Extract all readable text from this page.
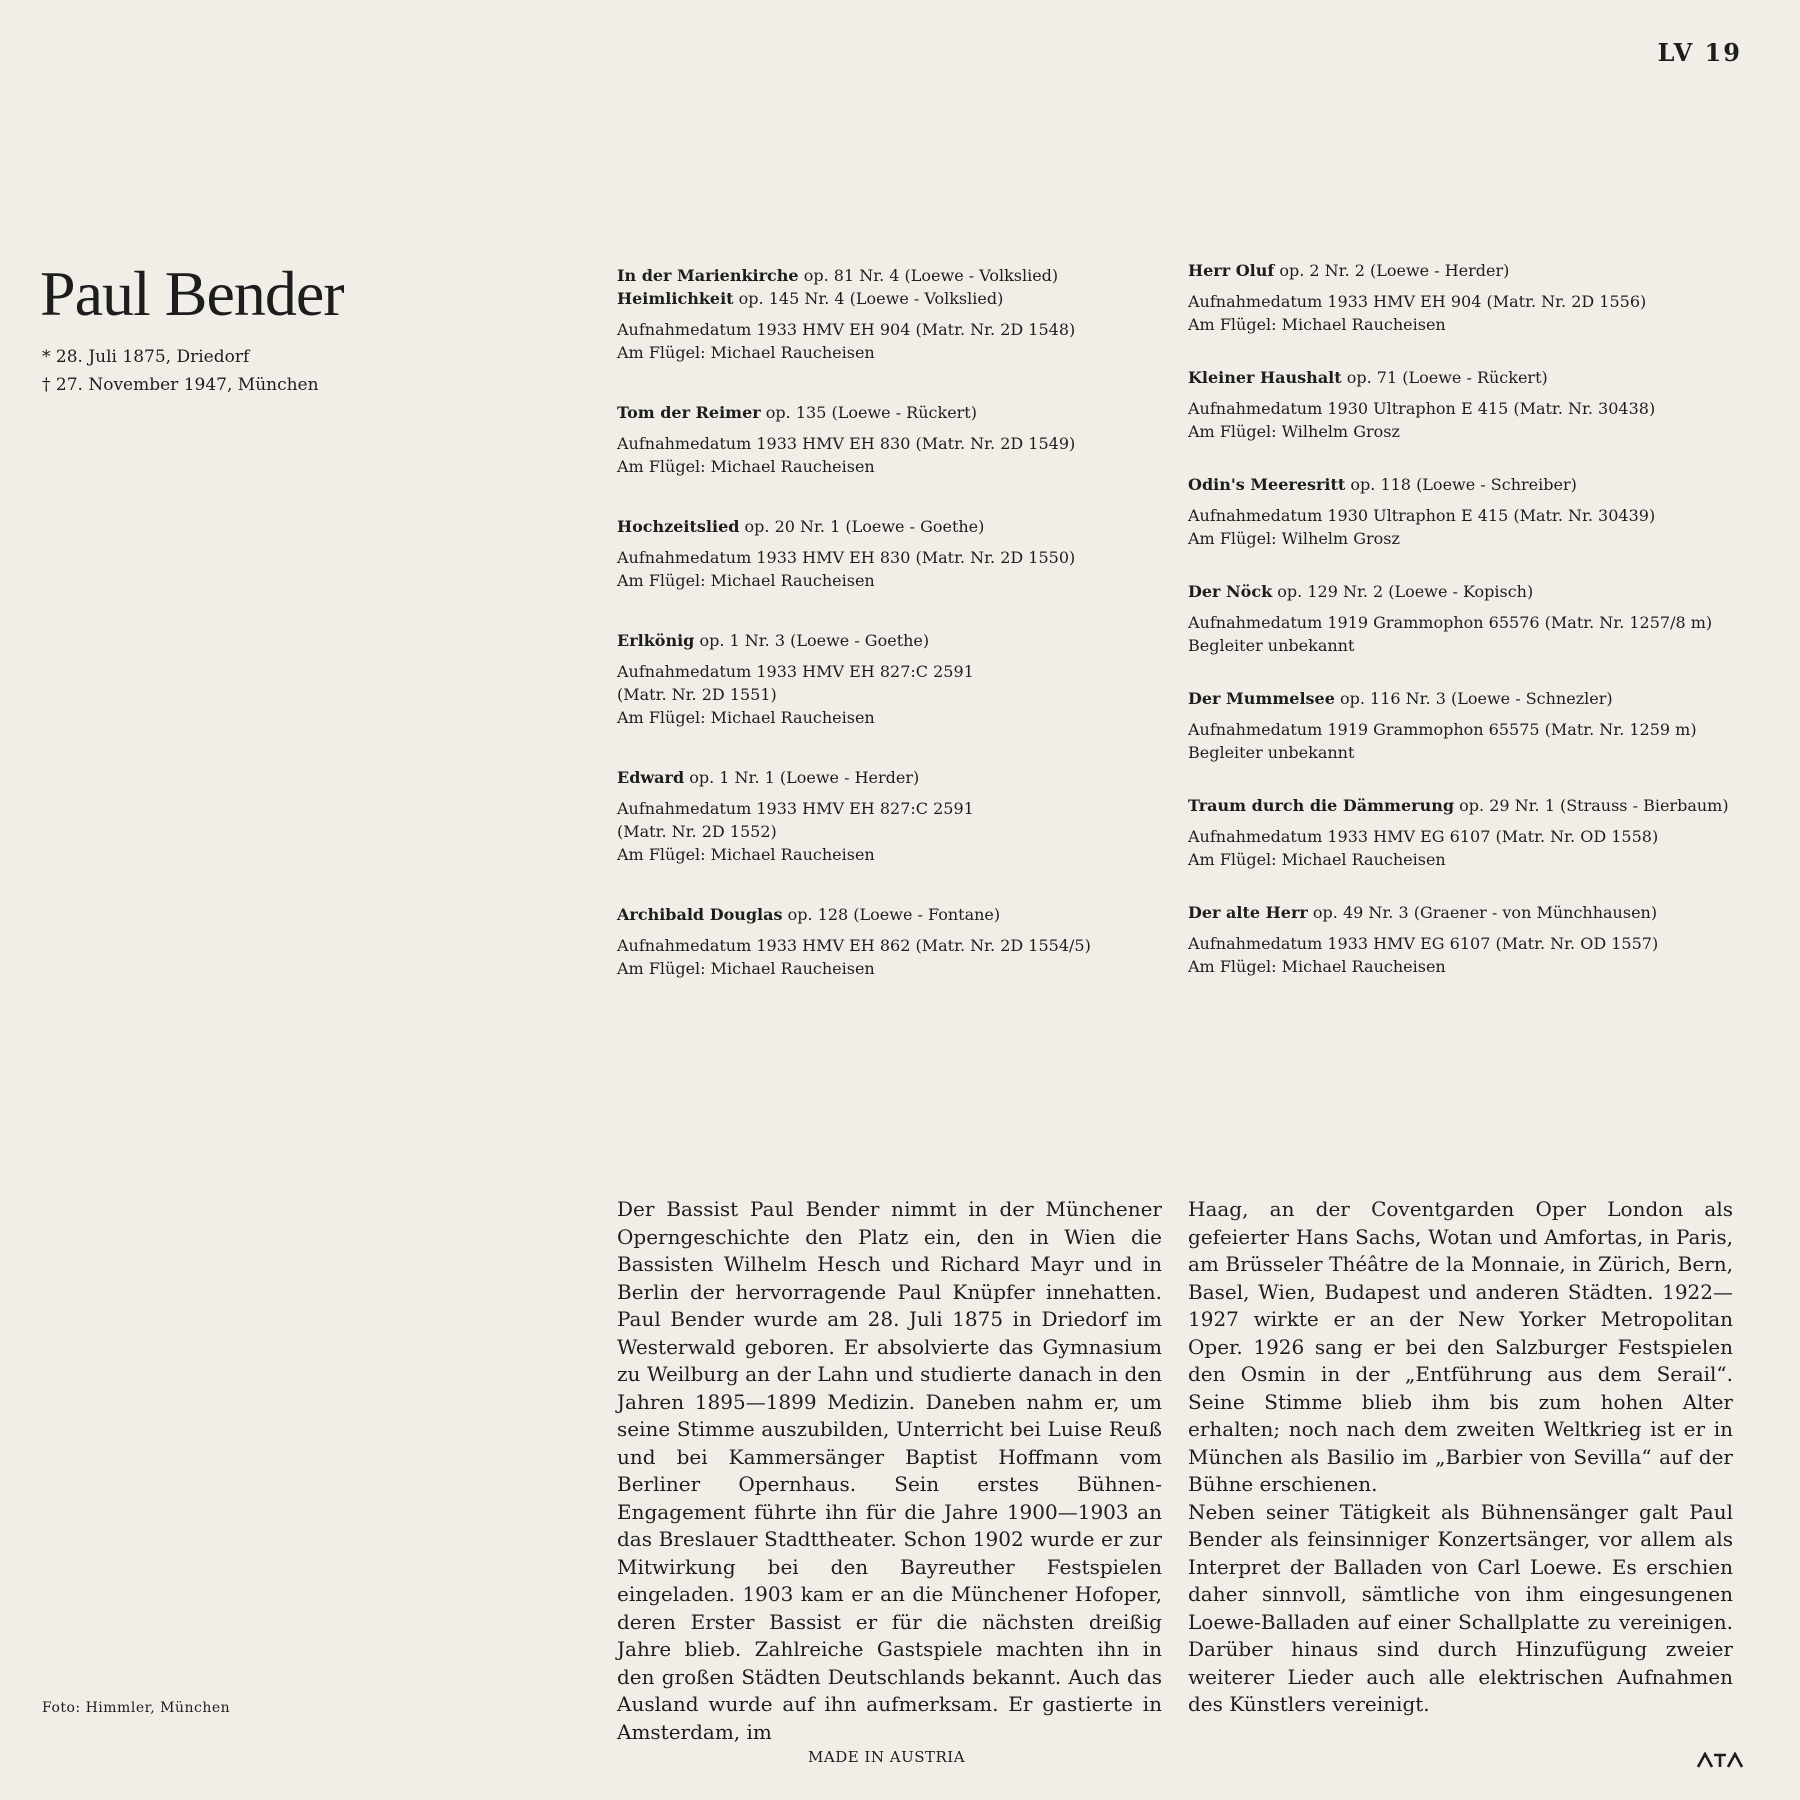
LV 19
Paul Bender
* 28. Juli 1875, Driedorf
† 27. November 1947, München
In der Marienkirche op. 81 Nr. 4 (Loewe - Volkslied)
Heimlichkeit op. 145 Nr. 4 (Loewe - Volkslied)
Aufnahmedatum 1933 HMV EH 904 (Matr. Nr. 2D 1548)
Am Flügel: Michael Raucheisen
Tom der Reimer op. 135 (Loewe - Rückert)
Aufnahmedatum 1933 HMV EH 830 (Matr. Nr. 2D 1549)
Am Flügel: Michael Raucheisen
Hochzeitslied op. 20 Nr. 1 (Loewe - Goethe)
Aufnahmedatum 1933 HMV EH 830 (Matr. Nr. 2D 1550)
Am Flügel: Michael Raucheisen
Erlkönig op. 1 Nr. 3 (Loewe - Goethe)
Aufnahmedatum 1933 HMV EH 827:C 2591
(Matr. Nr. 2D 1551)
Am Flügel: Michael Raucheisen
Edward op. 1 Nr. 1 (Loewe - Herder)
Aufnahmedatum 1933 HMV EH 827:C 2591
(Matr. Nr. 2D 1552)
Am Flügel: Michael Raucheisen
Archibald Douglas op. 128 (Loewe - Fontane)
Aufnahmedatum 1933 HMV EH 862 (Matr. Nr. 2D 1554/5)
Am Flügel: Michael Raucheisen
Herr Oluf op. 2 Nr. 2 (Loewe - Herder)
Aufnahmedatum 1933 HMV EH 904 (Matr. Nr. 2D 1556)
Am Flügel: Michael Raucheisen
Kleiner Haushalt op. 71 (Loewe - Rückert)
Aufnahmedatum 1930 Ultraphon E 415 (Matr. Nr. 30438)
Am Flügel: Wilhelm Grosz
Odin's Meeresritt op. 118 (Loewe - Schreiber)
Aufnahmedatum 1930 Ultraphon E 415 (Matr. Nr. 30439)
Am Flügel: Wilhelm Grosz
Der Nöck op. 129 Nr. 2 (Loewe - Kopisch)
Aufnahmedatum 1919 Grammophon 65576 (Matr. Nr. 1257/8 m)
Begleiter unbekannt
Der Mummelsee op. 116 Nr. 3 (Loewe - Schnezler)
Aufnahmedatum 1919 Grammophon 65575 (Matr. Nr. 1259 m)
Begleiter unbekannt
Traum durch die Dämmerung op. 29 Nr. 1 (Strauss - Bierbaum)
Aufnahmedatum 1933 HMV EG 6107 (Matr. Nr. OD 1558)
Am Flügel: Michael Raucheisen
Der alte Herr op. 49 Nr. 3 (Graener - von Münchhausen)
Aufnahmedatum 1933 HMV EG 6107 (Matr. Nr. OD 1557)
Am Flügel: Michael Raucheisen

Der Bassist Paul Bender nimmt in der Münchener Operngeschichte den Platz ein, den in Wien die Bassisten Wilhelm Hesch und Richard Mayr und in Berlin der hervorragende Paul Knüpfer innehatten. Paul Bender wurde am 28. Juli 1875 in Driedorf im Westerwald geboren. Er absolvierte das Gymnasium zu Weilburg an der Lahn und studierte danach in den Jahren 1895—1899 Medizin. Daneben nahm er, um seine Stimme auszubilden, Unterricht bei Luise Reuß und bei Kammersänger Baptist Hoffmann vom Berliner Opernhaus. Sein erstes Bühnen-Engagement führte ihn für die Jahre 1900—1903 an das Breslauer Stadttheater. Schon 1902 wurde er zur Mitwirkung bei den Bayreuther Festspielen eingeladen. 1903 kam er an die Münchener Hofoper, deren Erster Bassist er für die nächsten dreißig Jahre blieb. Zahlreiche Gastspiele machten ihn in den großen Städten Deutschlands bekannt. Auch das Ausland wurde auf ihn aufmerksam. Er gastierte in Amsterdam, im

Haag, an der Coventgarden Oper London als gefeierter Hans Sachs, Wotan und Amfortas, in Paris, am Brüsseler Théâtre de la Monnaie, in Zürich, Bern, Basel, Wien, Budapest und anderen Städten. 1922—1927 wirkte er an der New Yorker Metropolitan Oper. 1926 sang er bei den Salzburger Festspielen den Osmin in der „Entführung aus dem Serail“. Seine Stimme blieb ihm bis zum hohen Alter erhalten; noch nach dem zweiten Weltkrieg ist er in München als Basilio im „Barbier von Sevilla“ auf der Bühne erschienen.

Neben seiner Tätigkeit als Bühnensänger galt Paul Bender als feinsinniger Konzertsänger, vor allem als Interpret der Balladen von Carl Loewe. Es erschien daher sinnvoll, sämtliche von ihm eingesungenen Loewe-Balladen auf einer Schallplatte zu vereinigen. Darüber hinaus sind durch Hinzufügung zweier weiterer Lieder auch alle elektrischen Aufnahmen des Künstlers vereinigt.

Foto: Himmler, München
MADE IN AUSTRIA
